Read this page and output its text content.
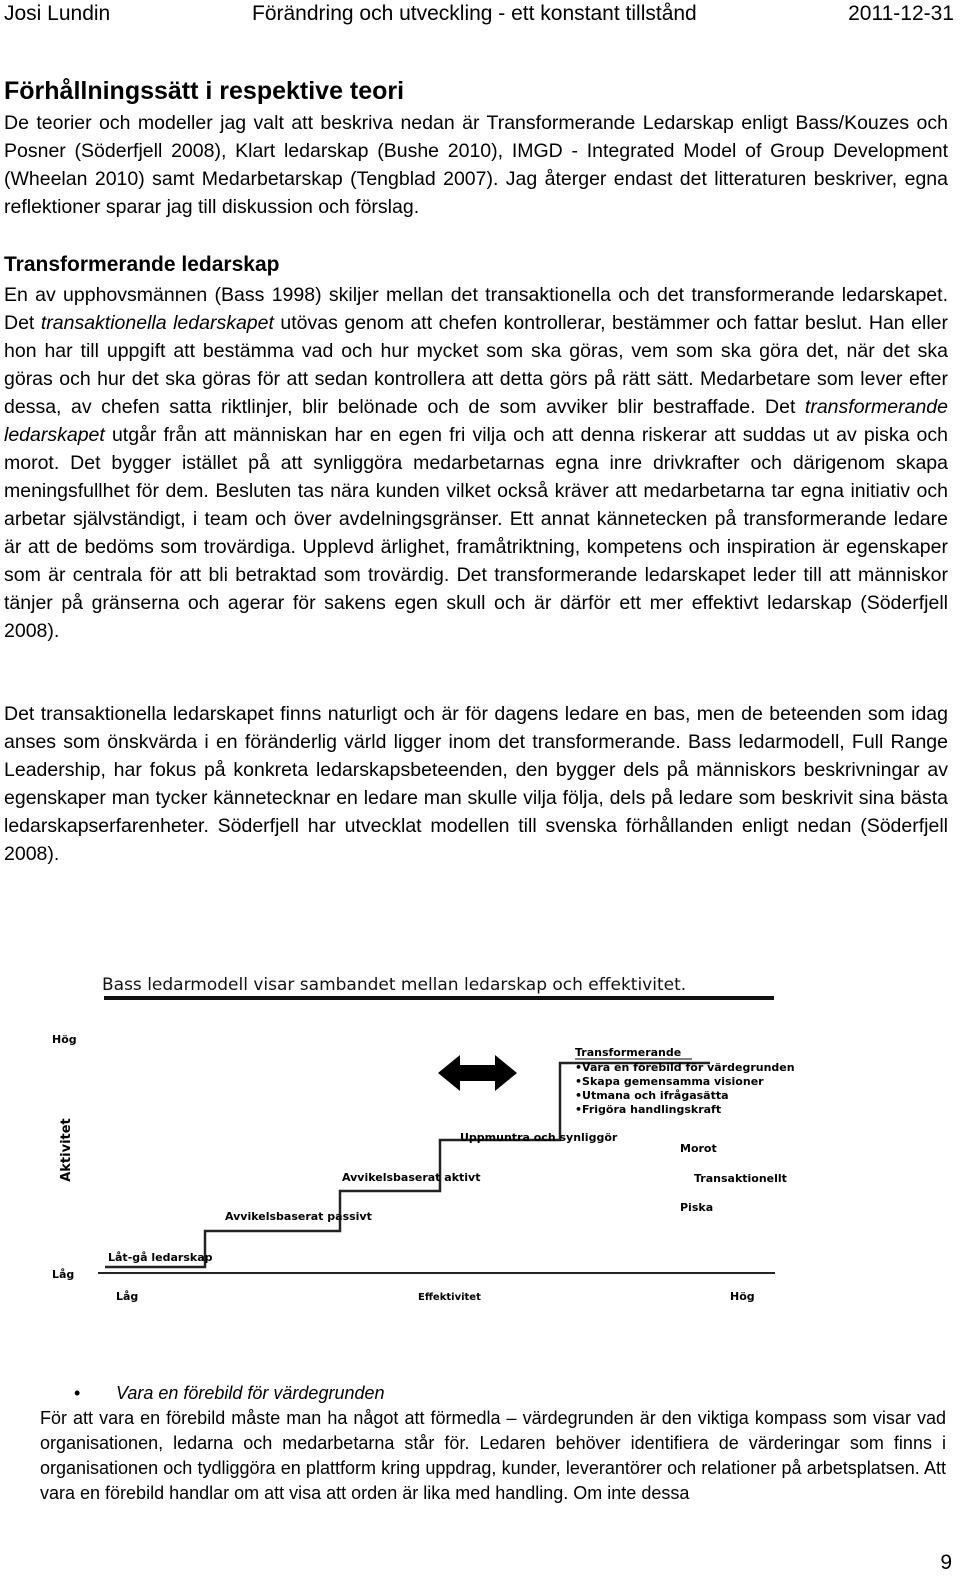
Josi Lundin	Förändring och utveckling - ett konstant tillstånd	2011-12-31
Förhållningssätt i respektive teori

De teorier och modeller jag valt att beskriva nedan är Transformerande Ledarskap enligt Bass/Kouzes och Posner (Söderfjell 2008), Klart ledarskap (Bushe 2010), IMGD - Integrated Model of Group Development (Wheelan 2010) samt Medarbetarskap (Tengblad 2007). Jag återger endast det litteraturen beskriver, egna reflektioner sparar jag till diskussion och förslag.

Transformerande ledarskap

En av upphovsmännen (Bass 1998) skiljer mellan det transaktionella och det transformerande ledarskapet. Det transaktionella ledarskapet utövas genom att chefen kontrollerar, bestämmer och fattar beslut. Han eller hon har till uppgift att bestämma vad och hur mycket som ska göras, vem som ska göra det, när det ska göras och hur det ska göras för att sedan kontrollera att detta görs på rätt sätt. Medarbetare som lever efter dessa, av chefen satta riktlinjer, blir belönade och de som avviker blir bestraffade. Det transformerande ledarskapet utgår från att människan har en egen fri vilja och att denna riskerar att suddas ut av piska och morot. Det bygger istället på att synliggöra medarbetarnas egna inre drivkrafter och därigenom skapa meningsfullhet för dem. Besluten tas nära kunden vilket också kräver att medarbetarna tar egna initiativ och arbetar självständigt, i team och över avdelningsgränser. Ett annat kännetecken på transformerande ledare är att de bedöms som trovärdiga. Upplevd ärlighet, framåtriktning, kompetens och inspiration är egenskaper som är centrala för att bli betraktad som trovärdig. Det transformerande ledarskapet leder till att människor tänjer på gränserna och agerar för sakens egen skull och är därför ett mer effektivt ledarskap (Söderfjell 2008).

Det transaktionella ledarskapet finns naturligt och är för dagens ledare en bas, men de beteenden som idag anses som önskvärda i en föränderlig värld ligger inom det transformerande. Bass ledarmodell, Full Range Leadership, har fokus på konkreta ledarskapsbeteenden, den bygger dels på människors beskrivningar av egenskaper man tycker kännetecknar en ledare man skulle vilja följa, dels på ledare som beskrivit sina bästa ledarskapserfarenheter. Söderfjell har utvecklat modellen till svenska förhållanden enligt nedan (Söderfjell 2008).

Bass ledarmodell visar sambandet mellan ledarskap och effektivitet.
Hög
Aktivitet
Låg
Låg	Effektivitet	Hög
Låt-gå ledarskap
Avvikelsbaserat passivt
Avvikelsbaserat aktivt
Uppmuntra och synliggör
Transformerande
•Vara en förebild för värdegrunden
•Skapa gemensamma visioner
•Utmana och ifrågasätta
•Frigöra handlingskraft
Morot
Transaktionellt
Piska
• Vara en förebild för värdegrunden

För att vara en förebild måste man ha något att förmedla – värdegrunden är den viktiga kompass som visar vad organisationen, ledarna och medarbetarna står för. Ledaren behöver identifiera de värderingar som finns i organisationen och tydliggöra en plattform kring uppdrag, kunder, leverantörer och relationer på arbetsplatsen. Att vara en förebild handlar om att visa att orden är lika med handling. Om inte dessa

9
